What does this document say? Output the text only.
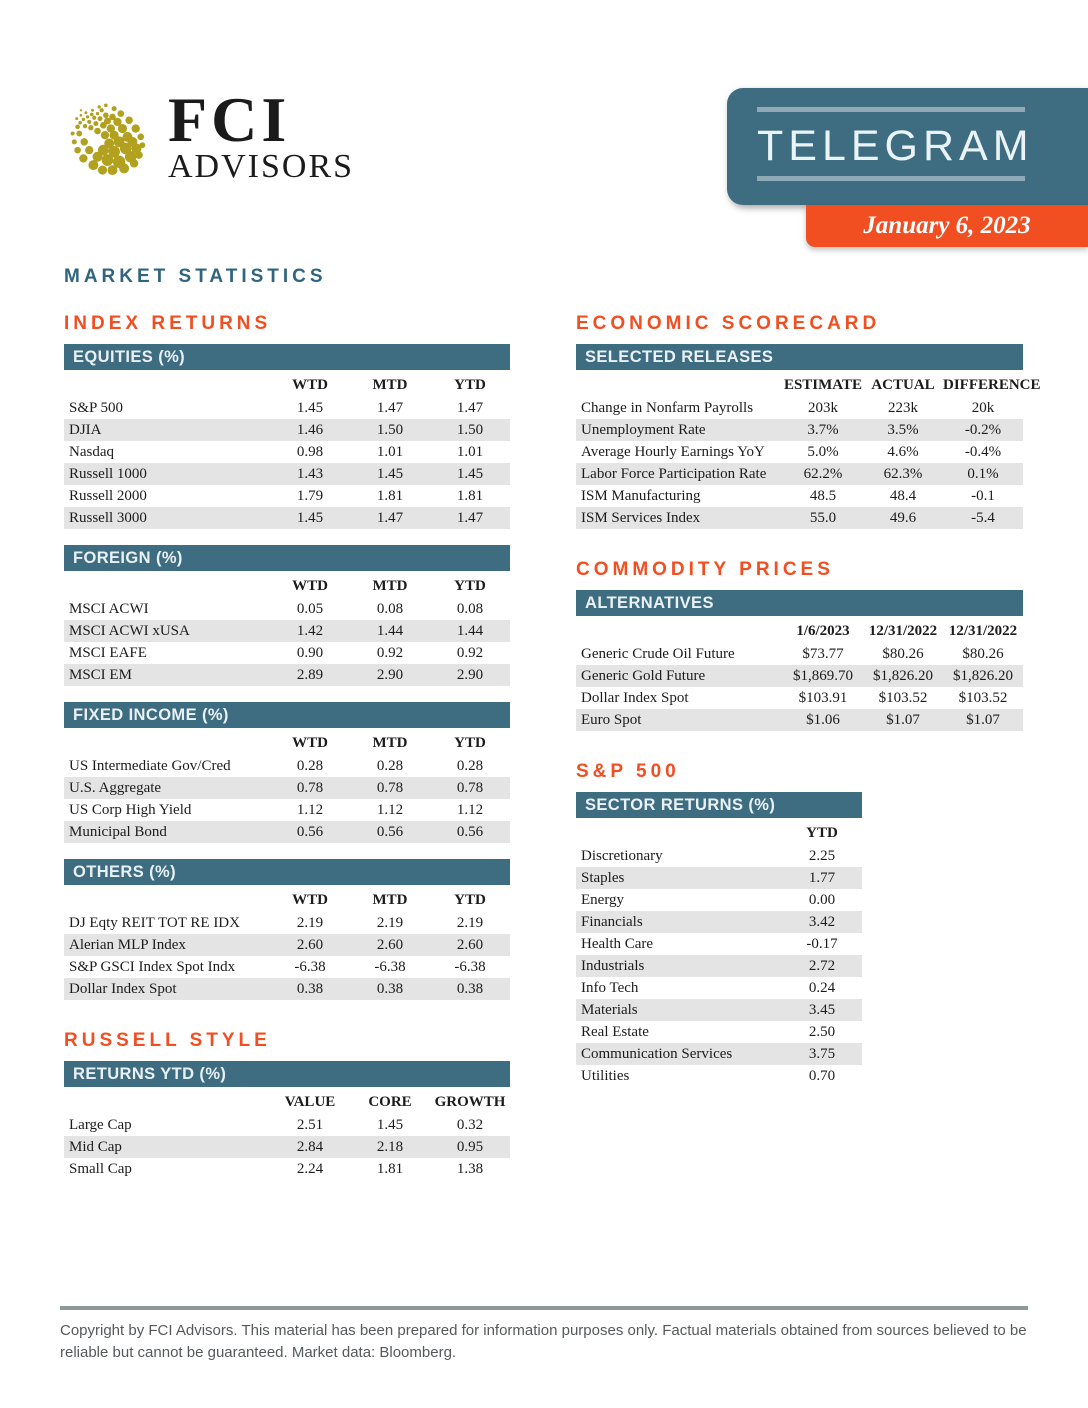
FCI
ADVISORS	TELEGRAM
January 6, 2023
MARKET STATISTICS
INDEX RETURNS
EQUITIES (%)
WTD	MTD	YTD
S&P 500	1.45	1.47	1.47
DJIA	1.46	1.50	1.50
Nasdaq	0.98	1.01	1.01
Russell 1000	1.43	1.45	1.45
Russell 2000	1.79	1.81	1.81
Russell 3000	1.45	1.47	1.47
FOREIGN (%)
WTD	MTD	YTD
MSCI ACWI	0.05	0.08	0.08
MSCI ACWI xUSA	1.42	1.44	1.44
MSCI EAFE	0.90	0.92	0.92
MSCI EM	2.89	2.90	2.90
FIXED INCOME (%)
WTD	MTD	YTD
US Intermediate Gov/Cred	0.28	0.28	0.28
U.S. Aggregate	0.78	0.78	0.78
US Corp High Yield	1.12	1.12	1.12
Municipal Bond	0.56	0.56	0.56
OTHERS (%)
WTD	MTD	YTD
DJ Eqty REIT TOT RE IDX	2.19	2.19	2.19
Alerian MLP Index	2.60	2.60	2.60
S&P GSCI Index Spot Indx	-6.38	-6.38	-6.38
Dollar Index Spot	0.38	0.38	0.38
RUSSELL STYLE
RETURNS YTD (%)
VALUE	CORE	GROWTH
Large Cap	2.51	1.45	0.32
Mid Cap	2.84	2.18	0.95
Small Cap	2.24	1.81	1.38
ECONOMIC SCORECARD
SELECTED RELEASES
ESTIMATE ACTUAL DIFFERENCE
Change in Nonfarm Payrolls	203k	223k	20k
Unemployment Rate	3.7%	3.5%	-0.2%
Average Hourly Earnings YoY	5.0%	4.6%	-0.4%
Labor Force Participation Rate	62.2%	62.3%	0.1%
ISM Manufacturing	48.5	48.4	-0.1
ISM Services Index	55.0	49.6	-5.4
COMMODITY PRICES
ALTERNATIVES
1/6/2023	12/31/2022 12/31/2022
Generic Crude Oil Future	$73.77	$80.26	$80.26
Generic Gold Future	$1,869.70	$1,826.20	$1,826.20
Dollar Index Spot	$103.91	$103.52	$103.52
Euro Spot	$1.06	$1.07	$1.07
S&P 500
SECTOR RETURNS (%)
YTD
Discretionary	2.25
Staples	1.77
Energy	0.00
Financials	3.42
Health Care	-0.17
Industrials	2.72
Info Tech	0.24
Materials	3.45
Real Estate	2.50
Communication Services	3.75
Utilities	0.70
Copyright by FCI Advisors. This material has been prepared for information purposes only. Factual materials obtained from sources believed to be reliable but cannot be guaranteed. Market data: Bloomberg.
